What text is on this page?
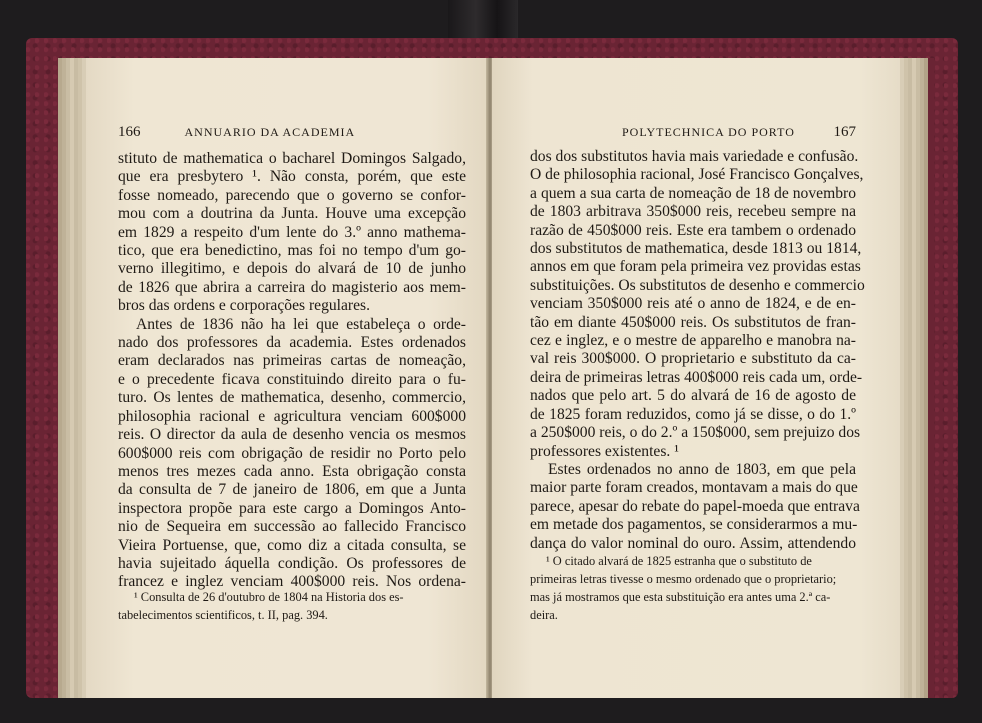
166	ANNUARIO DA ACADEMIA
stituto de mathematica o bacharel Domingos Salgado,
que era presbytero ¹. Não consta, porém, que este
fosse nomeado, parecendo que o governo se confor-
mou com a doutrina da Junta. Houve uma excepção
em 1829 a respeito d'um lente do 3.º anno mathema-
tico, que era benedictino, mas foi no tempo d'um go-
verno illegitimo, e depois do alvará de 10 de junho
de 1826 que abrira a carreira do magisterio aos mem-
bros das ordens e corporações regulares.
Antes de 1836 não ha lei que estabeleça o orde-
nado dos professores da academia. Estes ordenados
eram declarados nas primeiras cartas de nomeação,
e o precedente ficava constituindo direito para o fu-
turo. Os lentes de mathematica, desenho, commercio,
philosophia racional e agricultura venciam 600$000
reis. O director da aula de desenho vencia os mesmos
600$000 reis com obrigação de residir no Porto pelo
menos tres mezes cada anno. Esta obrigação consta
da consulta de 7 de janeiro de 1806, em que a Junta
inspectora propõe para este cargo a Domingos Anto-
nio de Sequeira em successão ao fallecido Francisco
Vieira Portuense, que, como diz a citada consulta, se
havia sujeitado áquella condição. Os professores de
francez e inglez venciam 400$000 reis. Nos ordena-
¹ Consulta de 26 d'outubro de 1804 na Historia dos es-
tabelecimentos scientificos, t. II, pag. 394.
POLYTECHNICA DO PORTO	167
dos dos substitutos havia mais variedade e confusão.
O de philosophia racional, José Francisco Gonçalves,
a quem a sua carta de nomeação de 18 de novembro
de 1803 arbitrava 350$000 reis, recebeu sempre na
razão de 450$000 reis. Este era tambem o ordenado
dos substitutos de mathematica, desde 1813 ou 1814,
annos em que foram pela primeira vez providas estas
substituições. Os substitutos de desenho e commercio
venciam 350$000 reis até o anno de 1824, e de en-
tão em diante 450$000 reis. Os substitutos de fran-
cez e inglez, e o mestre de apparelho e manobra na-
val reis 300$000. O proprietario e substituto da ca-
deira de primeiras letras 400$000 reis cada um, orde-
nados que pelo art. 5 do alvará de 16 de agosto de
de 1825 foram reduzidos, como já se disse, o do 1.º
a 250$000 reis, o do 2.º a 150$000, sem prejuizo dos
professores existentes. ¹
Estes ordenados no anno de 1803, em que pela
maior parte foram creados, montavam a mais do que
parece, apesar do rebate do papel-moeda que entrava
em metade dos pagamentos, se considerarmos a mu-
dança do valor nominal do ouro. Assim, attendendo
¹ O citado alvará de 1825 estranha que o substituto de
primeiras letras tivesse o mesmo ordenado que o proprietario;
mas já mostramos que esta substituição era antes uma 2.ª ca-
deira.
